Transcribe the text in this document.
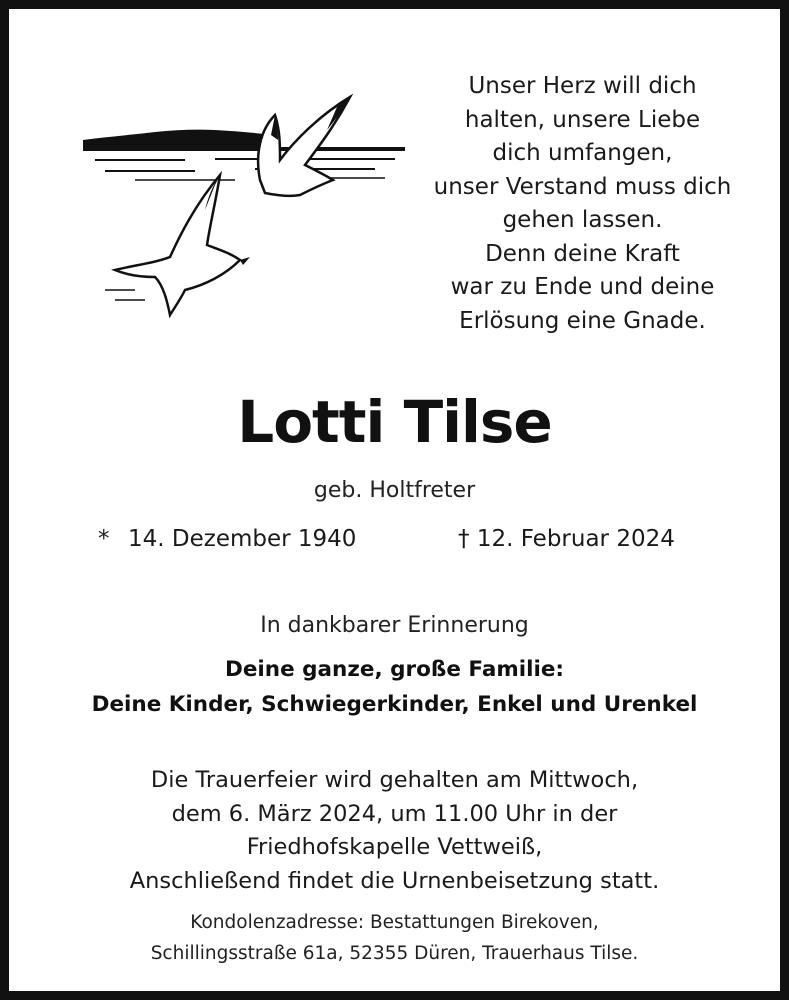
Unser Herz will dich
halten, unsere Liebe
dich umfangen,
unser Verstand muss dich
gehen lassen.
Denn deine Kraft
war zu Ende und deine
Erlösung eine Gnade.
Lotti Tilse
geb. Holtfreter
* 14. Dezember 1940	† 12. Februar 2024
In dankbarer Erinnerung
Deine ganze, große Familie:
Deine Kinder, Schwiegerkinder, Enkel und Urenkel
Die Trauerfeier wird gehalten am Mittwoch,
dem 6. März 2024, um 11.00 Uhr in der
Friedhofskapelle Vettweiß,
Anschließend findet die Urnenbeisetzung statt.
Kondolenzadresse: Bestattungen Birekoven,
Schillingsstraße 61a, 52355 Düren, Trauerhaus Tilse.
